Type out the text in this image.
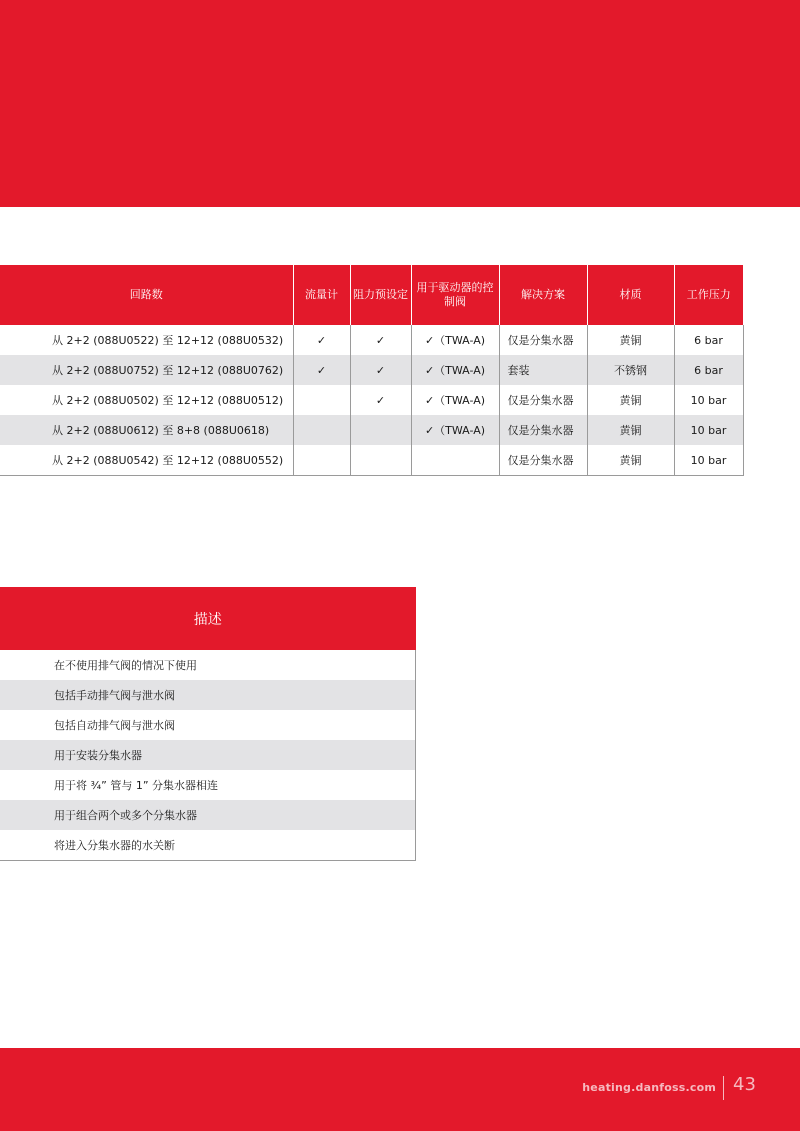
回路数	流量计	阻力预设定	用于驱动器的控制阀	解决方案	材质	工作压力
从 2+2 (088U0522) 至 12+12 (088U0532)	✓	✓	✓（TWA-A)	仅是分集水器	黄铜	6 bar
从 2+2 (088U0752) 至 12+12 (088U0762)	✓	✓	✓（TWA-A)	套装	不锈钢	6 bar
从 2+2 (088U0502) 至 12+12 (088U0512)		✓	✓（TWA-A)	仅是分集水器	黄铜	10 bar
从 2+2 (088U0612) 至 8+8 (088U0618)			✓（TWA-A)	仅是分集水器	黄铜	10 bar
从 2+2 (088U0542) 至 12+12 (088U0552)				仅是分集水器	黄铜	10 bar
描述
在不使用排气阀的情况下使用
包括手动排气阀与泄水阀
包括自动排气阀与泄水阀
用于安装分集水器
用于将 ¾” 管与 1” 分集水器相连
用于组合两个或多个分集水器
将进入分集水器的水关断
heating.danfoss.com 43
